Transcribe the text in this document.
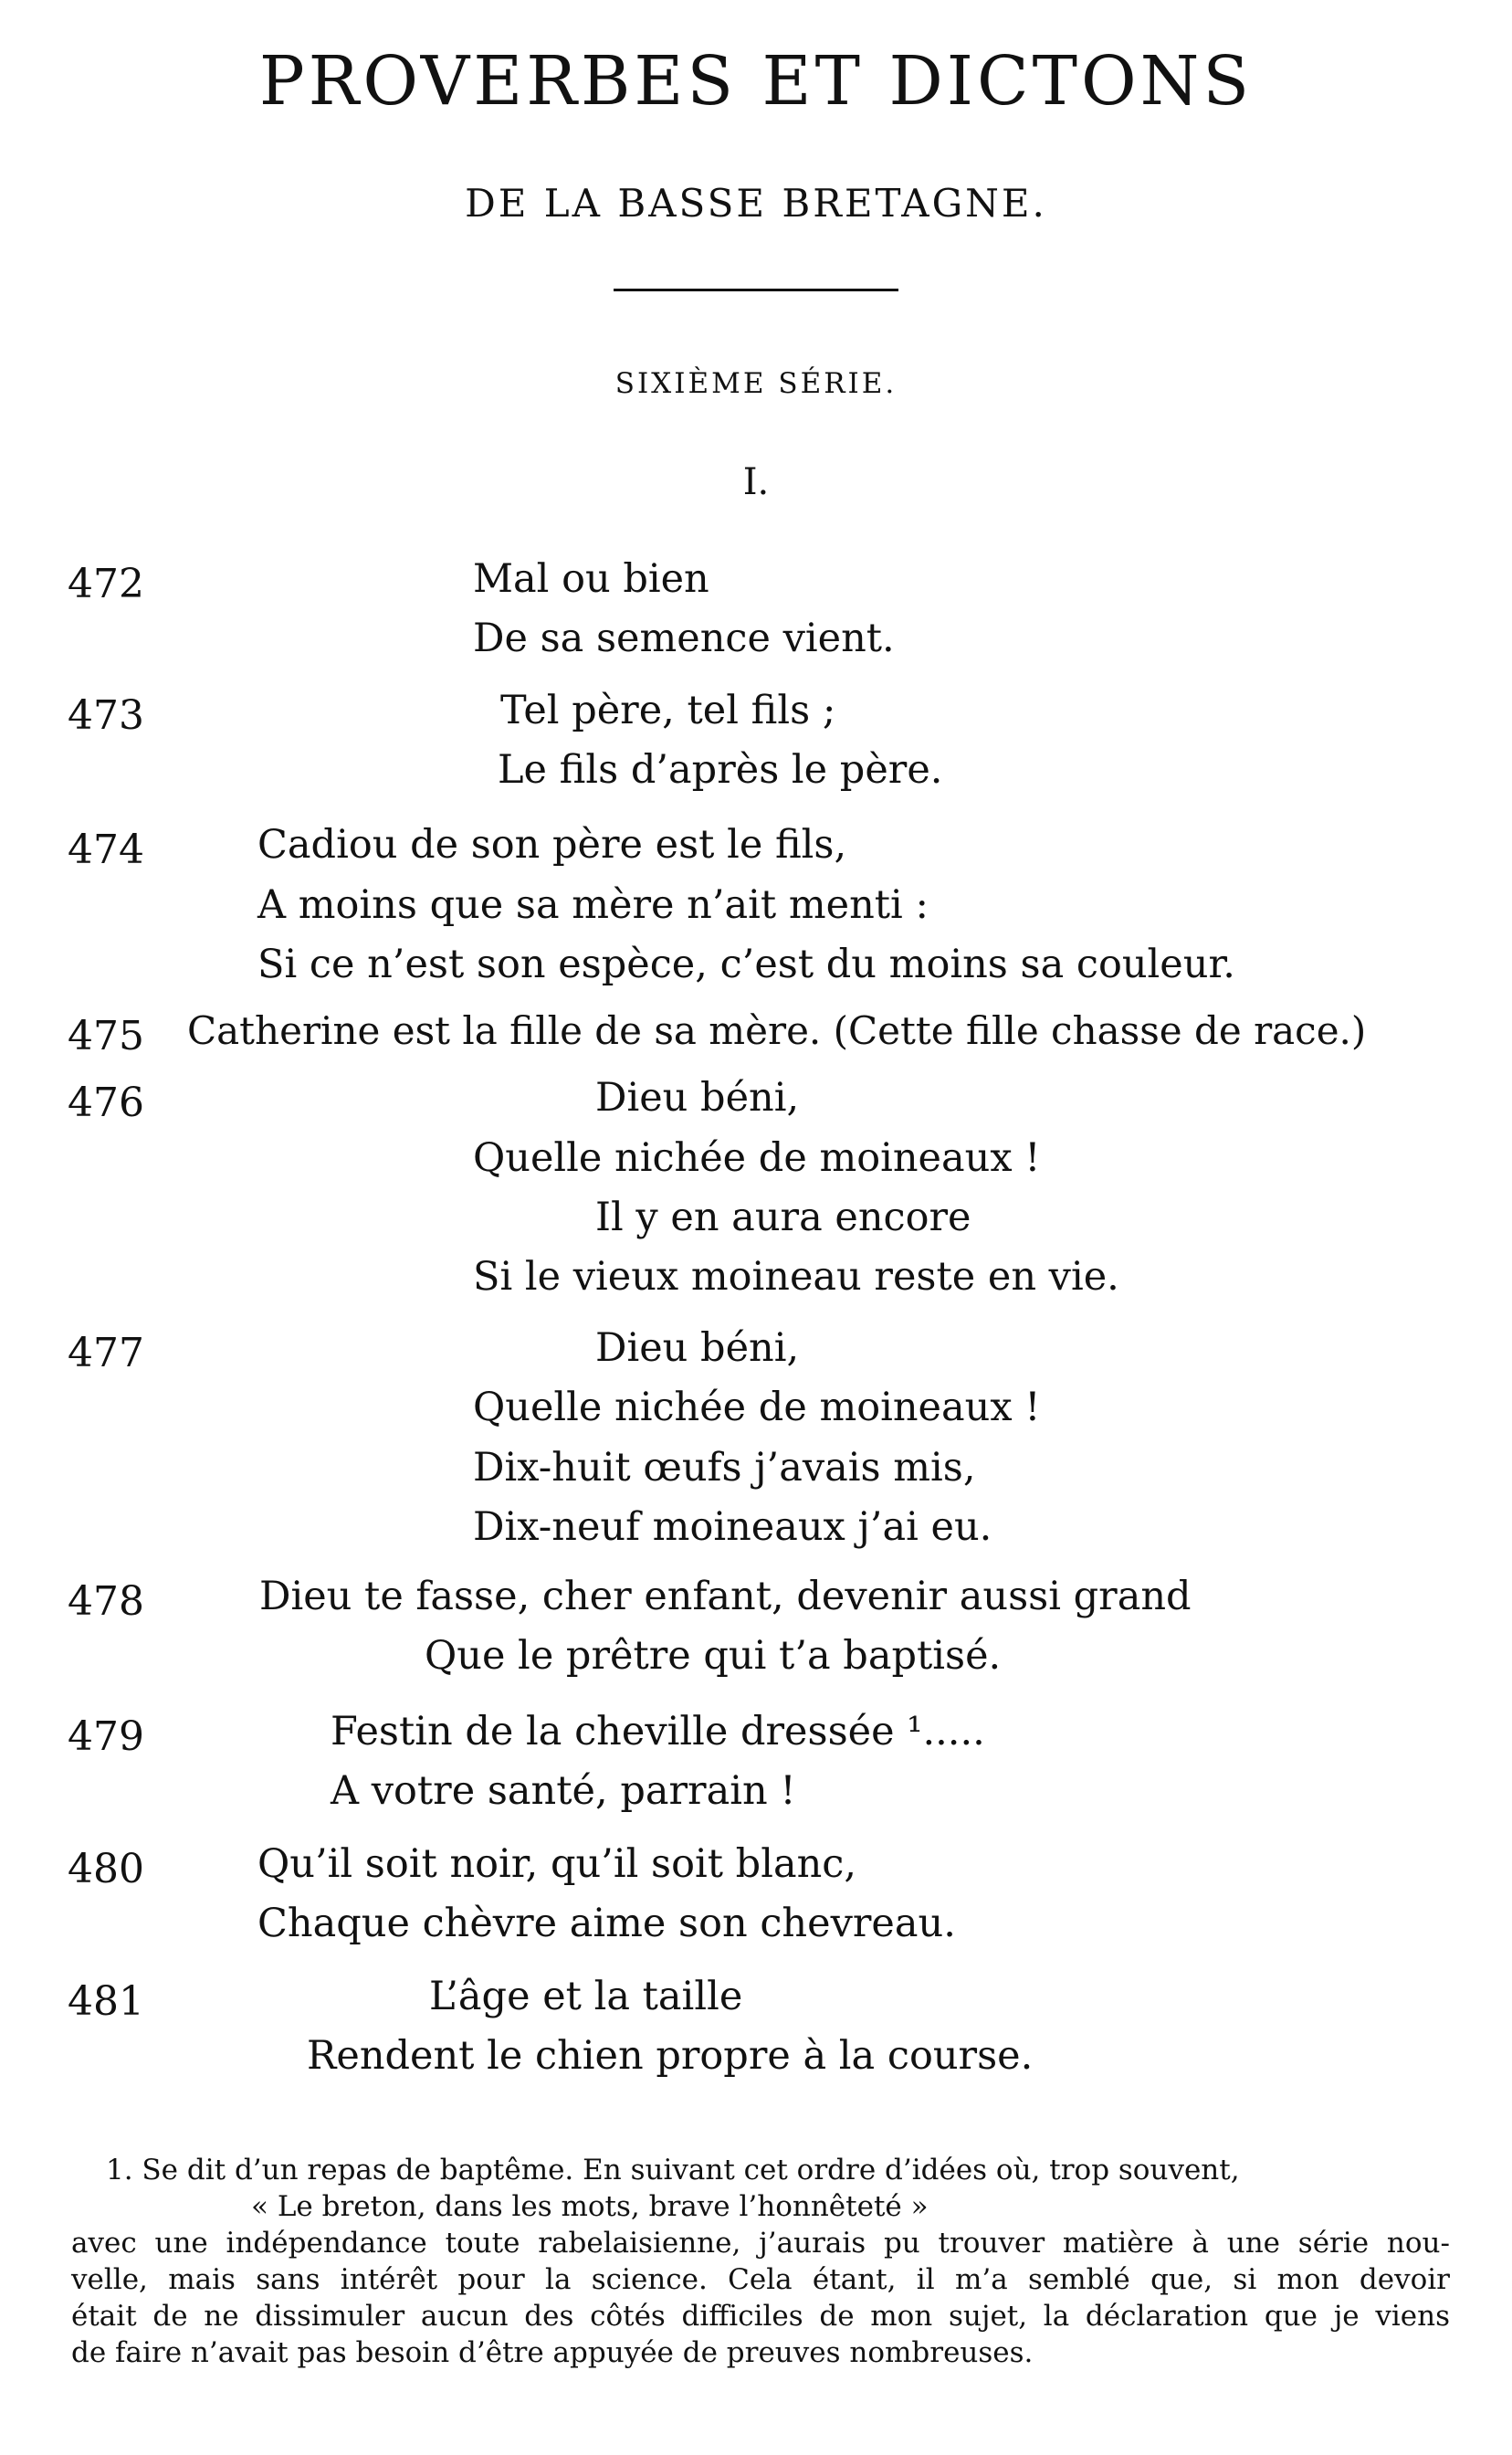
PROVERBES ET DICTONS
DE LA BASSE BRETAGNE.
SIXIÈME SÉRIE.
I.
472	Mal ou bien
De sa semence vient.
473	Tel père, tel fils ;
Le fils d’après le père.
474	Cadiou de son père est le fils,
A moins que sa mère n’ait menti :
Si ce n’est son espèce, c’est du moins sa couleur.
475 Catherine est la fille de sa mère. (Cette fille chasse de race.)
476	Dieu béni,
Quelle nichée de moineaux !
Il y en aura encore
Si le vieux moineau reste en vie.
477	Dieu béni,
Quelle nichée de moineaux !
Dix-huit œufs j’avais mis,
Dix-neuf moineaux j’ai eu.
478	Dieu te fasse, cher enfant, devenir aussi grand
Que le prêtre qui t’a baptisé.
479	Festin de la cheville dressée ¹.....
A votre santé, parrain !
480	Qu’il soit noir, qu’il soit blanc,
Chaque chèvre aime son chevreau.
481	L’âge et la taille
Rendent le chien propre à la course.
1. Se dit d’un repas de baptême. En suivant cet ordre d’idées où, trop souvent,
« Le breton, dans les mots, brave l’honnêteté »
avec une indépendance toute rabelaisienne, j’aurais pu trouver matière à une série nou-
velle, mais sans intérêt pour la science. Cela étant, il m’a semblé que, si mon devoir
était de ne dissimuler aucun des côtés difficiles de mon sujet, la déclaration que je viens
de faire n’avait pas besoin d’être appuyée de preuves nombreuses.
